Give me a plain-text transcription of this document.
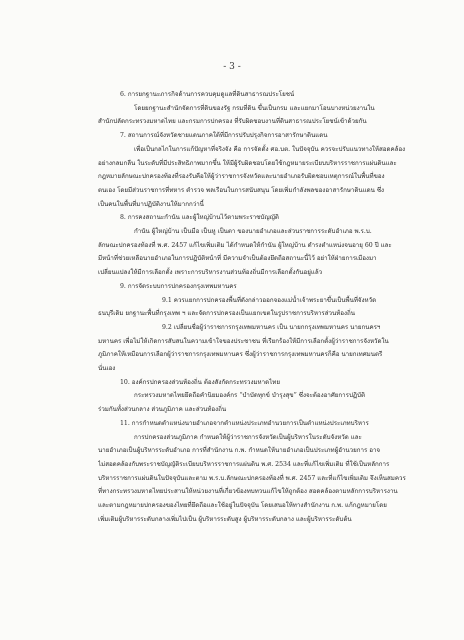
- 3 -
6. การยกฐานะภารกิจด้านการควบคุมดูแลที่ดินสาธารณประโยชน์
โดยยกฐานะสำนักจัดการที่ดินของรัฐ กรมที่ดิน ขึ้นเป็นกรม และแยกมาโอนบางหน่วยงานใน
สำนักปลัดกระทรวงมหาดไทย และกรมการปกครอง ที่รับผิดชอบงานที่ดินสาธารณประโยชน์เข้าด้วยกัน
7. สถานการณ์จังหวัดชายแดนภาคใต้ที่มีการปรับปรุงกิจการอาสารักษาดินแดน
เพื่อเป็นกลไกในการแก้ปัญหาที่จริงจัง คือ การจัดตั้ง ศอ.บต. ในปัจจุบัน ควรจะปรับแนวทางให้สอดคล้อง
อย่างกลมกลืน ในระดับที่มีประสิทธิภาพมากขึ้น ให้มีผู้รับผิดชอบโดยใช้กฎหมายระเบียบบริหารราชการแผ่นดินและ
กฎหมายลักษณะปกครองท้องที่รองรับคือให้ผู้ว่าราชการจังหวัดและนายอำเภอรับผิดชอบเหตุการณ์ในพื้นที่ของ
ตนเอง โดยมีส่วนราชการที่ทหาร ตำรวจ พลเรือนในการสนับสนุน โดยเพิ่มกำลังพลของอาสารักษาดินแดน ซึ่ง
เป็นคนในพื้นที่มาปฏิบัติงานให้มากกว่านี้
8. การคงสถานะกำนัน และผู้ใหญ่บ้านไว้ตามพระราชบัญญัติ
กำนัน ผู้ใหญ่บ้าน เป็นมือ เป็นหู เป็นตา ของนายอำเภอและส่วนราชการระดับอำเภอ พ.ร.บ.
ลักษณะปกครองท้องที่ พ.ศ. 2457 แก้ไขเพิ่มเติม ได้กำหนดให้กำนัน ผู้ใหญ่บ้าน ดำรงตำแหน่งจนอายุ 60 ปี และ
มีหน้าที่ช่วยเหลือนายอำเภอในการปฏิบัติหน้าที่ มีความจำเป็นต้องยึดถือสถานะนี้ไว้ อย่าให้ฝ่ายการเมืองมา
เปลี่ยนแปลงให้มีการเลือกตั้ง เพราะการบริหารงานส่วนท้องถิ่นมีการเลือกตั้งกันอยู่แล้ว
9. การจัดระบบการปกครองกรุงเทพมหานคร
9.1 ควรแยกการปกครองพื้นที่ดังกล่าวออกจองแม่น้ำเจ้าพระยาขึ้นเป็นพื้นที่จังหวัด
ธนบุรีเดิม ยกฐานะพื้นที่กรุงเทพ ฯ และจัดการปกครองเป็นแยกเขตในรูปราชการบริหารส่วนท้องถิ่น
9.2 เปลี่ยนชื่อผู้ว่าราชการกรุงเทพมหานคร เป็น นายกกรุงเทพมหานคร นายกนครฯ
มหานคร เพื่อไม่ให้เกิดการสับสนในความเข้าใจของประชาชน ที่เรียกร้องให้มีการเลือกตั้งผู้ว่าราชการจังหวัดใน
ภูมิภาคให้เหมือนการเลือกผู้ว่าราชการกรุงเทพมหานคร ซึ่งผู้ว่าราชการกรุงเทพมหานครก็คือ นายกเทศมนตรี
นั่นเอง
10. องค์กรปกครองส่วนท้องถิ่น ต้องสังกัดกระทรวงมหาดไทย
กระทรวงมหาดไทยยึดถือคำนิยมองค์กร “บำบัดทุกข์ บำรุงสุข” ซึ่งจะต้องอาศัยการปฏิบัติ
ร่วมกันทั้งส่วนกลาง ส่วนภูมิภาค และส่วนท้องถิ่น
11. การกำหนดตำแหน่งนายอำเภอจากตำแหน่งประเภทอำนวยการเป็นตำแหน่งประเภทบริหาร
การปกครองส่วนภูมิภาค กำหนดให้ผู้ว่าราชการจังหวัดเป็นผู้บริหารในระดับจังหวัด และ
นายอำเภอเป็นผู้บริหารระดับอำเภอ การที่สำนักงาน ก.พ. กำหนดให้นายอำเภอเป็นประเภทผู้อำนวยการ อาจ
ไม่สอดคล้องกับพระราชบัญญัติระเบียบบริหารราชการแผ่นดิน พ.ศ. 2534 และที่แก้ไขเพิ่มเติม ที่ใช้เป็นหลักการ
บริหารราชการแผ่นดินในปัจจุบันและตาม พ.ร.บ.ลักษณะปกครองท้องที่ พ.ศ. 2457 และที่แก้ไขเพิ่มเติม จึงเห็นสมควร
ที่ทางกระทรวงมหาดไทยประสานให้หน่วยงานที่เกี่ยวข้องทบทวนแก้ไขให้ถูกต้อง สอดคล้องตามหลักการบริหารงาน
และตามกฎหมายปกครองของไทยที่ยึดถือและใช้อยู่ในปัจจุบัน โดยเสนอให้ทางสำนักงาน ก.พ. แก้กฎหมายโดย
เพิ่มเติมผู้บริหารระดับกลางเพิ่มไปเป็น ผู้บริหารระดับสูง ผู้บริหารระดับกลาง และผู้บริหารระดับต้น
